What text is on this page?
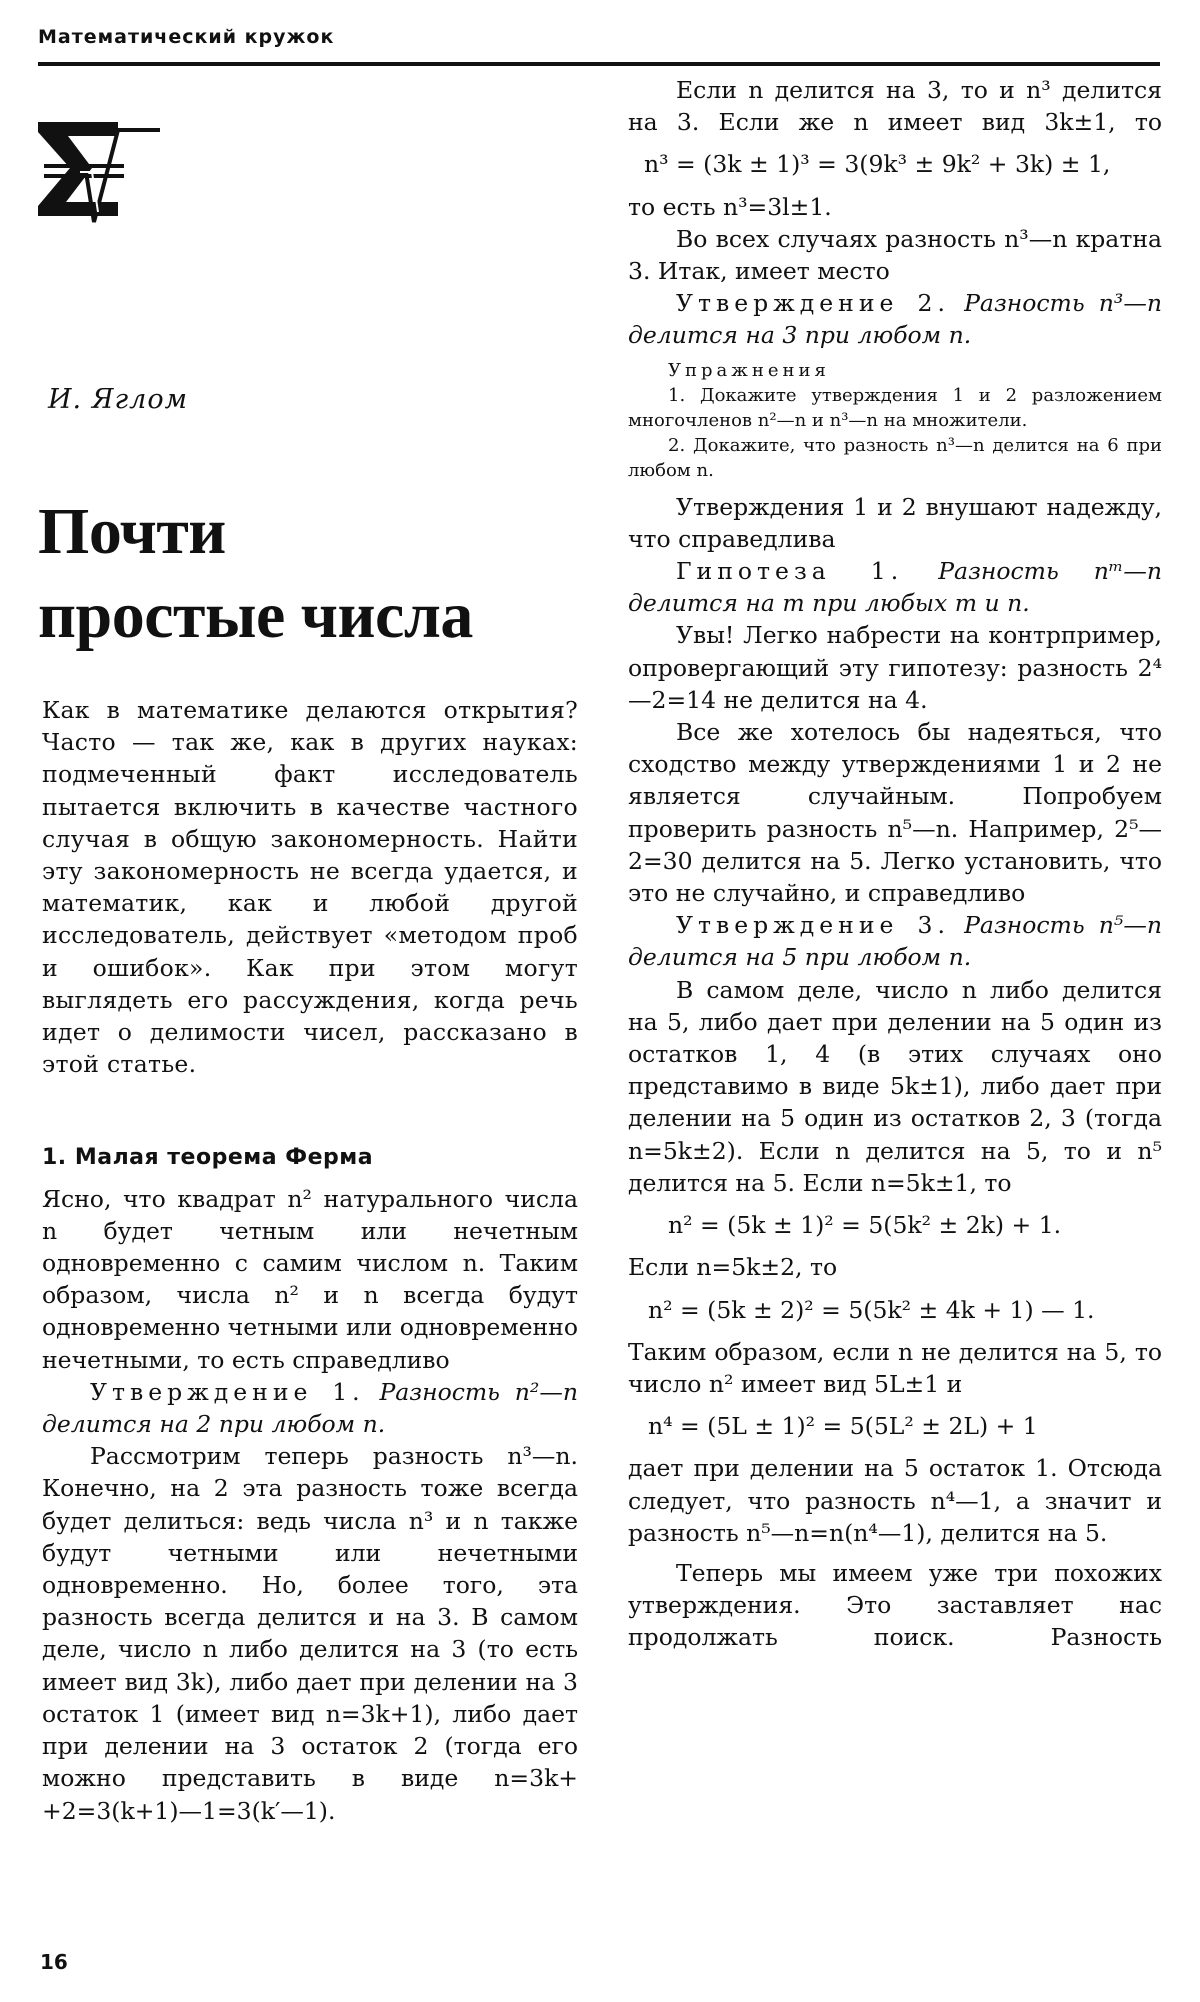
Математический кружок
И. Яглом
Почти
простые числа

Как в математике делаются открытия? Часто — так же, как в других науках: подмеченный факт исследователь пытается включить в качестве частного случая в общую закономерность. Найти эту закономерность не всегда удается, и математик, как и любой другой исследователь, действует «методом проб и ошибок». Как при этом могут выглядеть его рассуждения, когда речь идет о делимости чисел, рассказано в этой статье.

1. Малая теорема Ферма

Ясно, что квадрат n² натурального числа n будет четным или нечетным одновременно с самим числом n. Таким образом, числа n² и n всегда будут одновременно четными или одновременно нечетными, то есть справедливо

Утверждение 1. Разность n²—n делится на 2 при любом n.

Рассмотрим теперь разность n³—n. Конечно, на 2 эта разность тоже всегда будет делиться: ведь числа n³ и n также будут четными или нечетными одновременно. Но, более того, эта разность всегда делится и на 3. В самом деле, число n либо делится на 3 (то есть имеет вид 3k), либо дает при делении на 3 остаток 1 (имеет вид n=3k+1), либо дает при делении на 3 остаток 2 (тогда его можно представить в виде n=3k+ +2=3(k+1)—1=3(k′—1).

Если n делится на 3, то и n³ делится на 3. Если же n имеет вид 3k±1, то

n³ = (3k ± 1)³ = 3(9k³ ± 9k² + 3k) ± 1,

то есть n³=3l±1.

Во всех случаях разность n³—n кратна 3. Итак, имеет место

Утверждение 2. Разность n³—n делится на 3 при любом n.

Упражнения

1. Докажите утверждения 1 и 2 разложением многочленов n²—n и n³—n на множители.

2. Докажите, что разность n³—n делится на 6 при любом n.

Утверждения 1 и 2 внушают надежду, что справедлива

Гипотеза 1. Разность nᵐ—n делится на m при любых m и n.

Увы! Легко набрести на контрпример, опровергающий эту гипотезу: разность 2⁴—2=14 не делится на 4.

Все же хотелось бы надеяться, что сходство между утверждениями 1 и 2 не является случайным. Попробуем проверить разность n⁵—n. Например, 2⁵—2=30 делится на 5. Легко установить, что это не случайно, и справедливо

Утверждение 3. Разность n⁵—n делится на 5 при любом n.

В самом деле, число n либо делится на 5, либо дает при делении на 5 один из остатков 1, 4 (в этих случаях оно представимо в виде 5k±1), либо дает при делении на 5 один из остатков 2, 3 (тогда n=5k±2). Если n делится на 5, то и n⁵ делится на 5. Если n=5k±1, то

n² = (5k ± 1)² = 5(5k² ± 2k) + 1.

Если n=5k±2, то

n² = (5k ± 2)² = 5(5k² ± 4k + 1) — 1.

Таким образом, если n не делится на 5, то число n² имеет вид 5L±1 и

n⁴ = (5L ± 1)² = 5(5L² ± 2L) + 1

дает при делении на 5 остаток 1. Отсюда следует, что разность n⁴—1, а значит и разность n⁵—n=n(n⁴—1), делится на 5.

Теперь мы имеем уже три похожих утверждения. Это заставляет нас продолжать поиск. Разность

16
